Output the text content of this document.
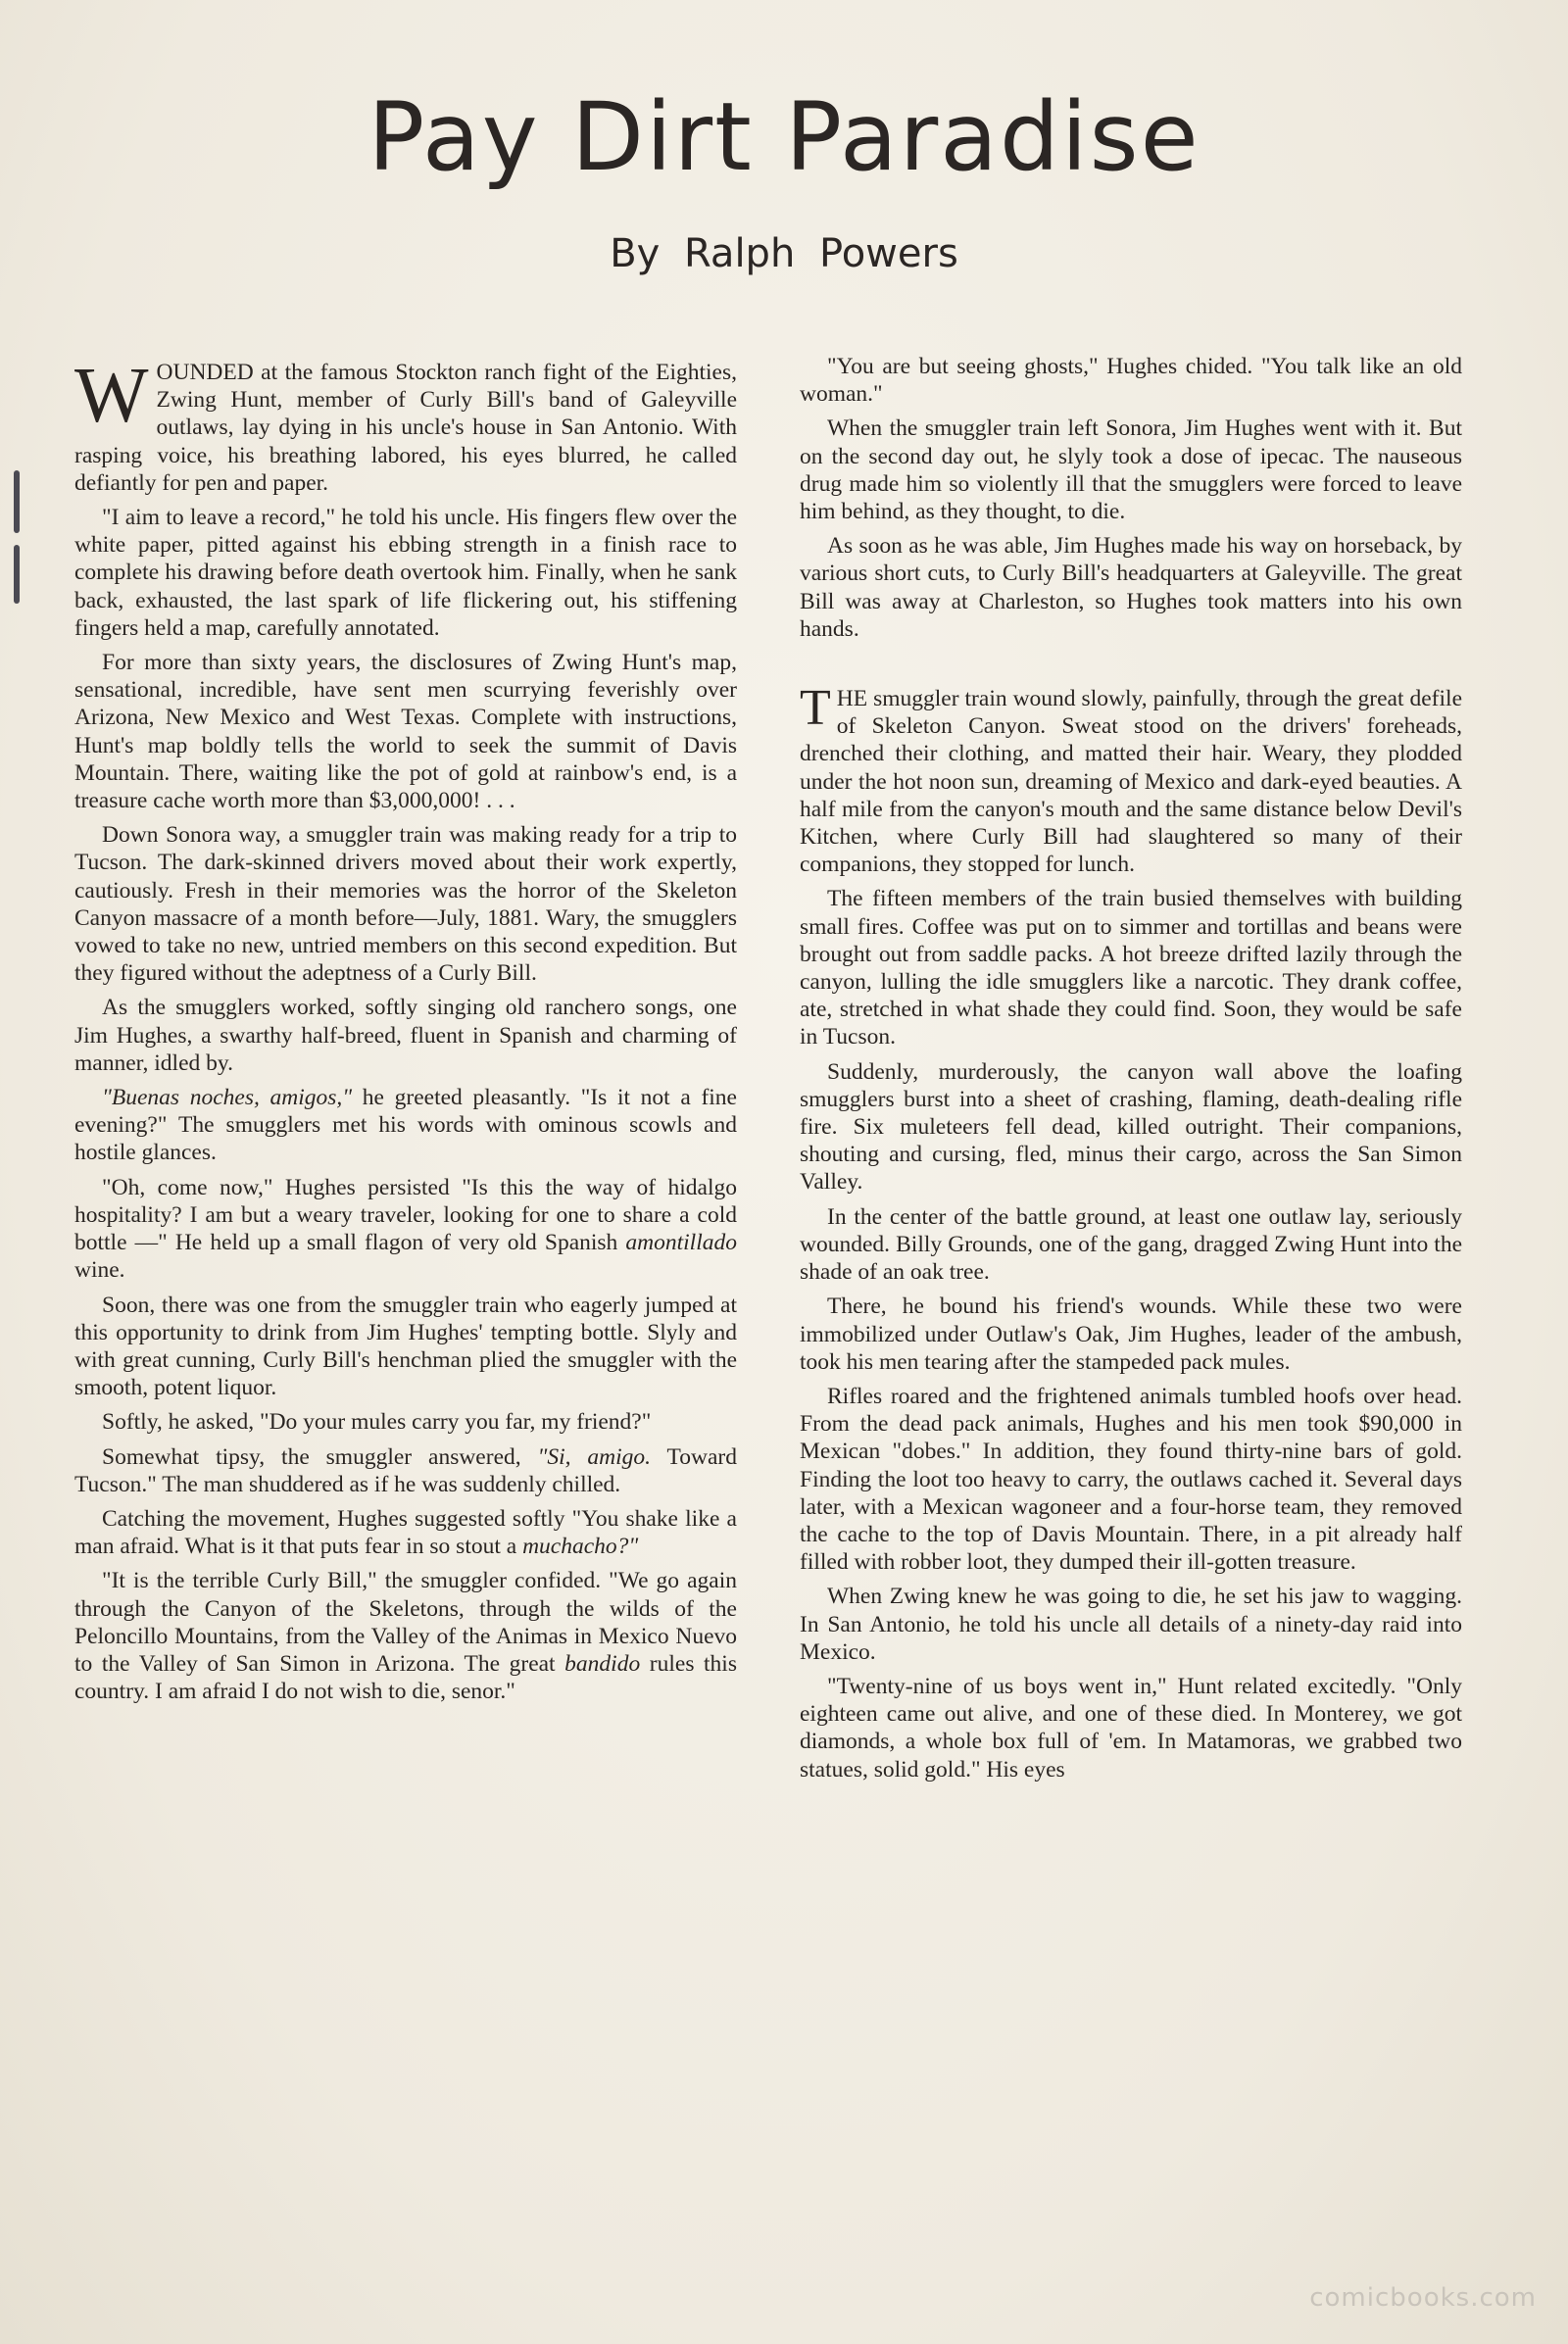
Pay Dirt Paradise
By Ralph Powers

WOUNDED at the famous Stockton ranch fight of the Eighties, Zwing Hunt, member of Curly Bill's band of Galeyville outlaws, lay dying in his uncle's house in San Antonio. With rasping voice, his breathing labored, his eyes blurred, he called defiantly for pen and paper.

"I aim to leave a record," he told his uncle. His fingers flew over the white paper, pitted against his ebbing strength in a finish race to complete his drawing before death overtook him. Finally, when he sank back, exhausted, the last spark of life flickering out, his stiffening fingers held a map, carefully annotated.

For more than sixty years, the disclosures of Zwing Hunt's map, sensational, incredible, have sent men scurrying feverishly over Arizona, New Mexico and West Texas. Complete with instructions, Hunt's map boldly tells the world to seek the summit of Davis Mountain. There, waiting like the pot of gold at rainbow's end, is a treasure cache worth more than $3,000,000! . . .

Down Sonora way, a smuggler train was making ready for a trip to Tucson. The dark-skinned drivers moved about their work expertly, cautiously. Fresh in their memories was the horror of the Skeleton Canyon massacre of a month before—July, 1881. Wary, the smugglers vowed to take no new, untried members on this second expedition. But they figured without the adeptness of a Curly Bill.

As the smugglers worked, softly singing old ranchero songs, one Jim Hughes, a swarthy half-breed, fluent in Spanish and charming of manner, idled by.

"Buenas noches, amigos," he greeted pleasantly. "Is it not a fine evening?" The smugglers met his words with ominous scowls and hostile glances.

"Oh, come now," Hughes persisted "Is this the way of hidalgo hospitality? I am but a weary traveler, looking for one to share a cold bottle —" He held up a small flagon of very old Spanish amontillado wine.

Soon, there was one from the smuggler train who eagerly jumped at this opportunity to drink from Jim Hughes' tempting bottle. Slyly and with great cunning, Curly Bill's henchman plied the smuggler with the smooth, potent liquor.

Softly, he asked, "Do your mules carry you far, my friend?"

Somewhat tipsy, the smuggler answered, "Si, amigo. Toward Tucson." The man shuddered as if he was suddenly chilled.

Catching the movement, Hughes suggested softly "You shake like a man afraid. What is it that puts fear in so stout a muchacho?"

"It is the terrible Curly Bill," the smuggler confided. "We go again through the Canyon of the Skeletons, through the wilds of the Peloncillo Mountains, from the Valley of the Animas in Mexico Nuevo to the Valley of San Simon in Arizona. The great bandido rules this country. I am afraid I do not wish to die, senor."

"You are but seeing ghosts," Hughes chided. "You talk like an old woman."

When the smuggler train left Sonora, Jim Hughes went with it. But on the second day out, he slyly took a dose of ipecac. The nauseous drug made him so violently ill that the smugglers were forced to leave him behind, as they thought, to die.

As soon as he was able, Jim Hughes made his way on horseback, by various short cuts, to Curly Bill's headquarters at Galeyville. The great Bill was away at Charleston, so Hughes took matters into his own hands.

THE smuggler train wound slowly, painfully, through the great defile of Skeleton Canyon. Sweat stood on the drivers' foreheads, drenched their clothing, and matted their hair. Weary, they plodded under the hot noon sun, dreaming of Mexico and dark-eyed beauties. A half mile from the canyon's mouth and the same distance below Devil's Kitchen, where Curly Bill had slaughtered so many of their companions, they stopped for lunch.

The fifteen members of the train busied themselves with building small fires. Coffee was put on to simmer and tortillas and beans were brought out from saddle packs. A hot breeze drifted lazily through the canyon, lulling the idle smugglers like a narcotic. They drank coffee, ate, stretched in what shade they could find. Soon, they would be safe in Tucson.

Suddenly, murderously, the canyon wall above the loafing smugglers burst into a sheet of crashing, flaming, death-dealing rifle fire. Six muleteers fell dead, killed outright. Their companions, shouting and cursing, fled, minus their cargo, across the San Simon Valley.

In the center of the battle ground, at least one outlaw lay, seriously wounded. Billy Grounds, one of the gang, dragged Zwing Hunt into the shade of an oak tree.

There, he bound his friend's wounds. While these two were immobilized under Outlaw's Oak, Jim Hughes, leader of the ambush, took his men tearing after the stampeded pack mules.

Rifles roared and the frightened animals tumbled hoofs over head. From the dead pack animals, Hughes and his men took $90,000 in Mexican "dobes." In addition, they found thirty-nine bars of gold. Finding the loot too heavy to carry, the outlaws cached it. Several days later, with a Mexican wagoneer and a four-horse team, they removed the cache to the top of Davis Mountain. There, in a pit already half filled with robber loot, they dumped their ill-gotten treasure.

When Zwing knew he was going to die, he set his jaw to wagging. In San Antonio, he told his uncle all details of a ninety-day raid into Mexico.

"Twenty-nine of us boys went in," Hunt related excitedly. "Only eighteen came out alive, and one of these died. In Monterey, we got diamonds, a whole box full of 'em. In Matamoras, we grabbed two statues, solid gold." His eyes

comicbooks.com
